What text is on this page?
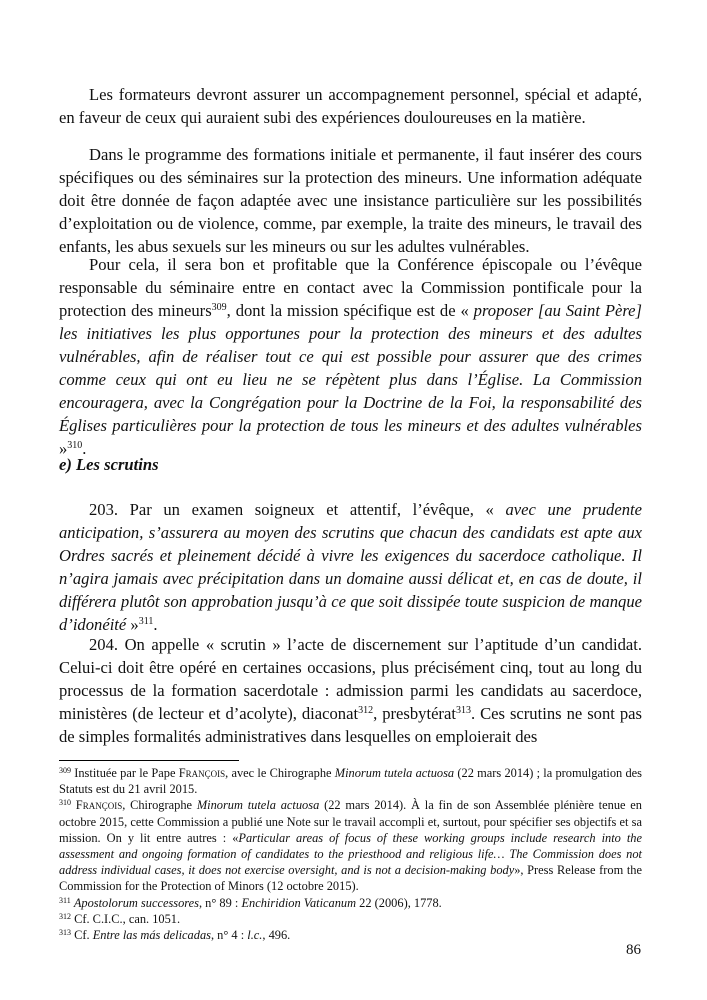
Les formateurs devront assurer un accompagnement personnel, spécial et adapté, en faveur de ceux qui auraient subi des expériences douloureuses en la matière.

Dans le programme des formations initiale et permanente, il faut insérer des cours spécifiques ou des séminaires sur la protection des mineurs. Une information adéquate doit être donnée de façon adaptée avec une insistance particulière sur les possibilités d’exploitation ou de violence, comme, par exemple, la traite des mineurs, le travail des enfants, les abus sexuels sur les mineurs ou sur les adultes vulnérables.

Pour cela, il sera bon et profitable que la Conférence épiscopale ou l’évêque responsable du séminaire entre en contact avec la Commission pontificale pour la protection des mineurs$^{309}$, dont la mission spécifique est de « proposer [au Saint Père] les initiatives les plus opportunes pour la protection des mineurs et des adultes vulnérables, afin de réaliser tout ce qui est possible pour assurer que des crimes comme ceux qui ont eu lieu ne se répètent plus dans l’Église. La Commission encouragera, avec la Congrégation pour la Doctrine de la Foi, la responsabilité des Églises particulières pour la protection de tous les mineurs et des adultes vulnérables »$^{310}$.

e) Les scrutins

203. Par un examen soigneux et attentif, l’évêque, « avec une prudente anticipation, s’assurera au moyen des scrutins que chacun des candidats est apte aux Ordres sacrés et pleinement décidé à vivre les exigences du sacerdoce catholique. Il n’agira jamais avec précipitation dans un domaine aussi délicat et, en cas de doute, il différera plutôt son approbation jusqu’à ce que soit dissipée toute suspicion de manque d’idonéité »$^{311}$.

204. On appelle « scrutin » l’acte de discernement sur l’aptitude d’un candidat. Celui-ci doit être opéré en certaines occasions, plus précisément cinq, tout au long du processus de la formation sacerdotale : admission parmi les candidats au sacerdoce, ministères (de lecteur et d’acolyte), diaconat$^{312}$, presbytérat$^{313}$. Ces scrutins ne sont pas de simples formalités administratives dans lesquelles on emploierait des

$^{309}$ Instituée par le Pape François, avec le Chirographe Minorum tutela actuosa (22 mars 2014) ; la promulgation des Statuts est du 21 avril 2015.

$^{310}$ François, Chirographe Minorum tutela actuosa (22 mars 2014). À la fin de son Assemblée plénière tenue en octobre 2015, cette Commission a publié une Note sur le travail accompli et, surtout, pour spécifier ses objectifs et sa mission. On y lit entre autres : «Particular areas of focus of these working groups include research into the assessment and ongoing formation of candidates to the priesthood and religious life… The Commission does not address individual cases, it does not exercise oversight, and is not a decision-making body», Press Release from the Commission for the Protection of Minors (12 octobre 2015).

$^{311}$ Apostolorum successores, n° 89 : Enchiridion Vaticanum 22 (2006), 1778.

$^{312}$ Cf. C.I.C., can. 1051.

$^{313}$ Cf. Entre las más delicadas, n° 4 : l.c., 496.

86
